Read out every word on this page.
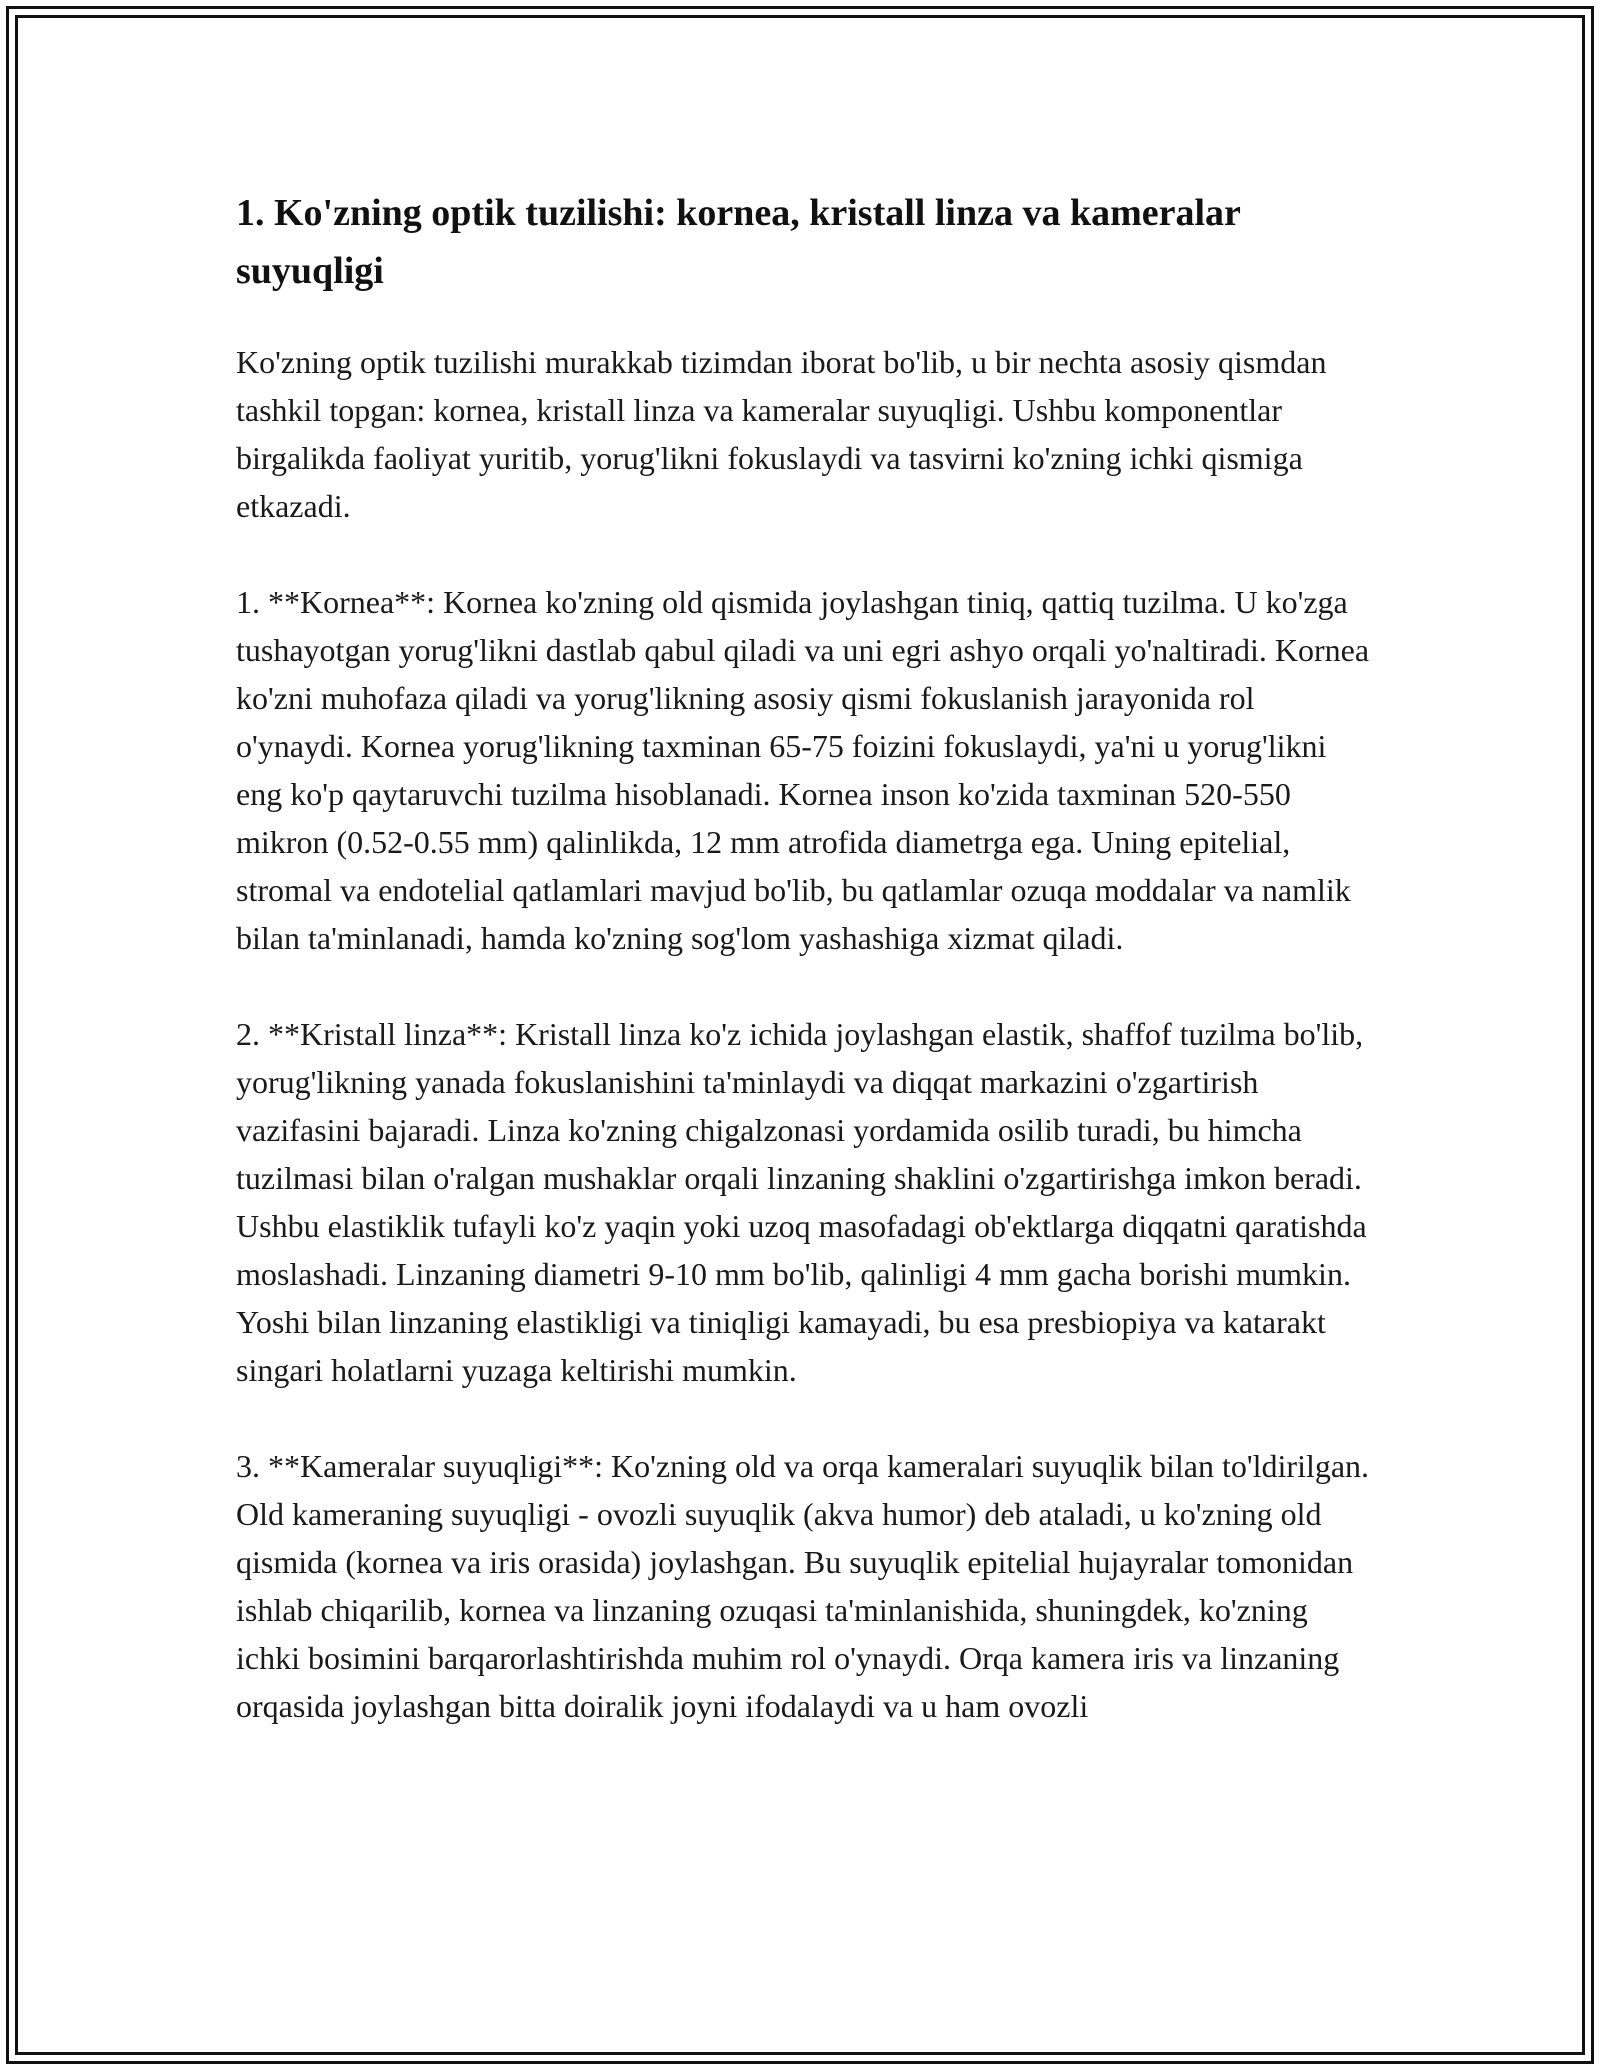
1. Ko'zning optik tuzilishi: kornea, kristall linza va kameralar suyuqligi

Ko'zning optik tuzilishi murakkab tizimdan iborat bo'lib, u bir nechta asosiy qismdan tashkil topgan: kornea, kristall linza va kameralar suyuqligi. Ushbu komponentlar birgalikda faoliyat yuritib, yorug'likni fokuslaydi va tasvirni ko'zning ichki qismiga etkazadi.

1. **Kornea**: Kornea ko'zning old qismida joylashgan tiniq, qattiq tuzilma. U ko'zga tushayotgan yorug'likni dastlab qabul qiladi va uni egri ashyo orqali yo'naltiradi. Kornea ko'zni muhofaza qiladi va yorug'likning asosiy qismi fokuslanish jarayonida rol o'ynaydi. Kornea yorug'likning taxminan 65-75 foizini fokuslaydi, ya'ni u yorug'likni eng ko'p qaytaruvchi tuzilma hisoblanadi. Kornea inson ko'zida taxminan 520-550 mikron (0.52-0.55 mm) qalinlikda, 12 mm atrofida diametrga ega. Uning epitelial, stromal va endotelial qatlamlari mavjud bo'lib, bu qatlamlar ozuqa moddalar va namlik bilan ta'minlanadi, hamda ko'zning sog'lom yashashiga xizmat qiladi.

2. **Kristall linza**: Kristall linza ko'z ichida joylashgan elastik, shaffof tuzilma bo'lib, yorug'likning yanada fokuslanishini ta'minlaydi va diqqat markazini o'zgartirish vazifasini bajaradi. Linza ko'zning chigalzonasi yordamida osilib turadi, bu himcha tuzilmasi bilan o'ralgan mushaklar orqali linzaning shaklini o'zgartirishga imkon beradi. Ushbu elastiklik tufayli ko'z yaqin yoki uzoq masofadagi ob'ektlarga diqqatni qaratishda moslashadi. Linzaning diametri 9-10 mm bo'lib, qalinligi 4 mm gacha borishi mumkin. Yoshi bilan linzaning elastikligi va tiniqligi kamayadi, bu esa presbiopiya va katarakt singari holatlarni yuzaga keltirishi mumkin.

3. **Kameralar suyuqligi**: Ko'zning old va orqa kameralari suyuqlik bilan to'ldirilgan. Old kameraning suyuqligi - ovozli suyuqlik (akva humor) deb ataladi, u ko'zning old qismida (kornea va iris orasida) joylashgan. Bu suyuqlik epitelial hujayralar tomonidan ishlab chiqarilib, kornea va linzaning ozuqasi ta'minlanishida, shuningdek, ko'zning ichki bosimini barqarorlashtirishda muhim rol o'ynaydi. Orqa kamera iris va linzaning orqasida joylashgan bitta doiralik joyni ifodalaydi va u ham ovozli
